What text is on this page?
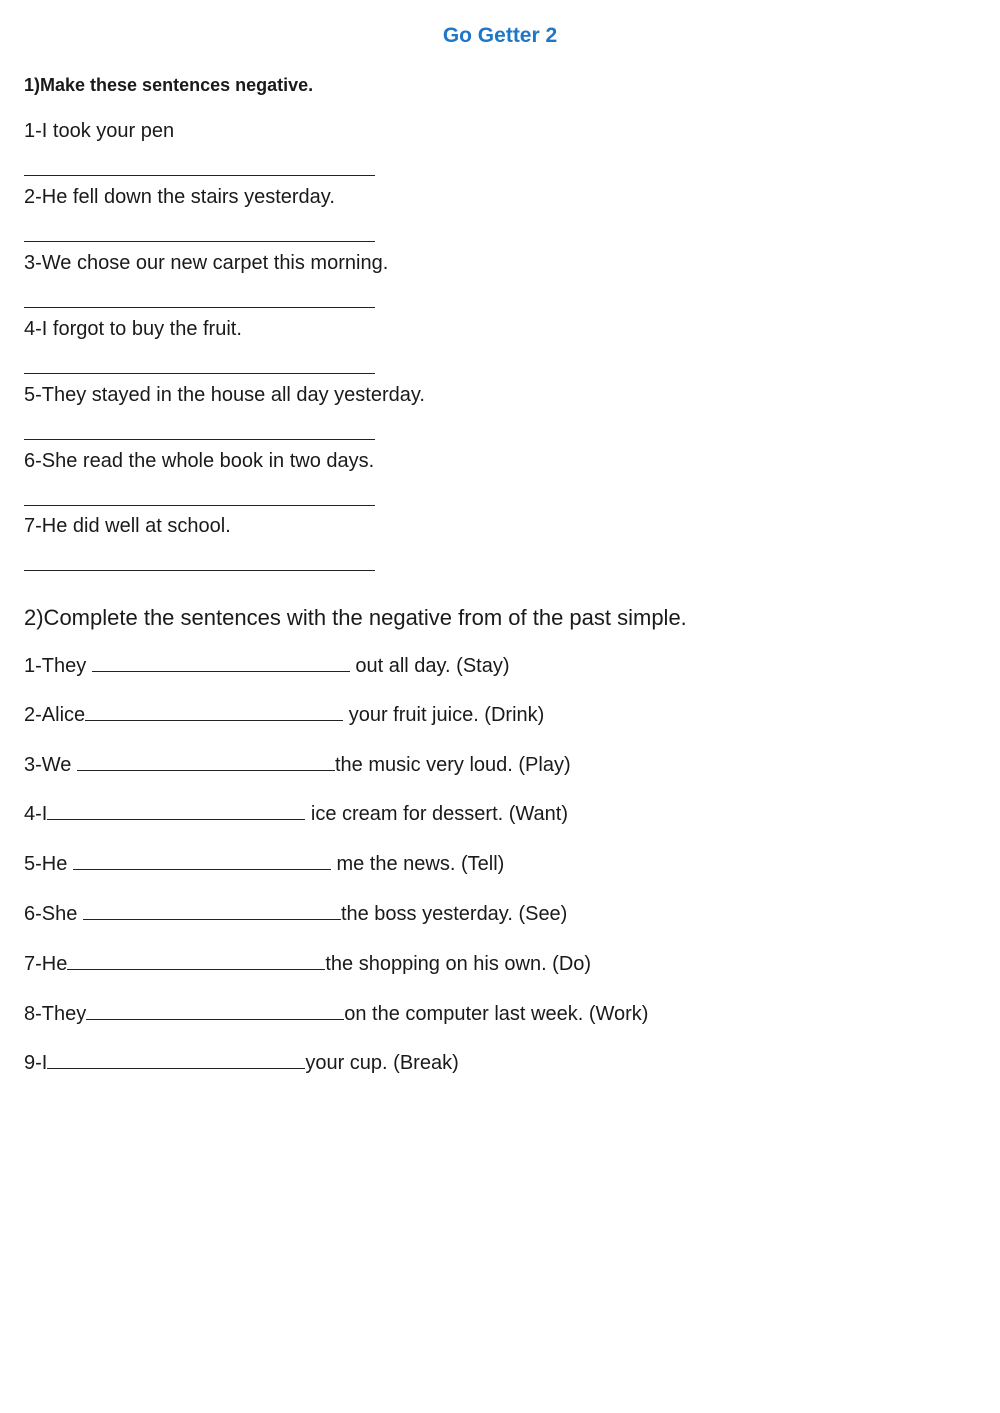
Go Getter 2
1)Make these sentences negative.
1-I took your pen
2-He fell down the stairs yesterday.
3-We chose our new carpet this morning.
4-I forgot to buy the fruit.
5-They stayed in the house all day yesterday.
6-She read the whole book in two days.
7-He did well at school.
2)Complete the sentences with the negative from of the past simple.
1-They	out all day. (Stay)
2-Alice	your fruit juice. (Drink)
3-We	the music very loud. (Play)
4-I	ice cream for dessert. (Want)
5-He	me the news. (Tell)
6-She	the boss yesterday. (See)
7-He	the shopping on his own. (Do)
8-They	on the computer last week. (Work)
9-I	your cup. (Break)
